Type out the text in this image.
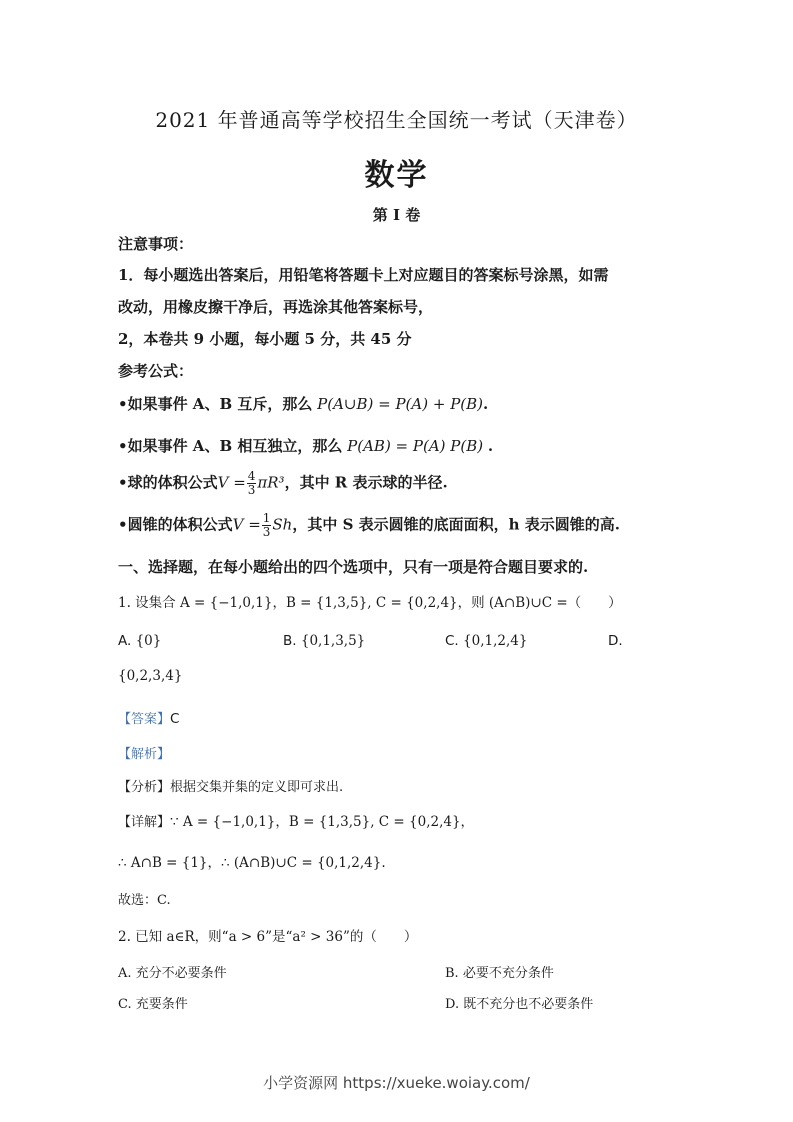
2021 年普通高等学校招生全国统一考试（天津卷）
数学
第 I 卷
注意事项：
1．每小题选出答案后，用铅笔将答题卡上对应题目的答案标号涂黑，如需
改动，用橡皮擦干净后，再选涂其他答案标号，
2，本卷共 9 小题，每小题 5 分，共 45 分
参考公式：
•如果事件 A、B 互斥，那么 P(A∪B) = P(A) + P(B).
•如果事件 A、B 相互独立，那么 P(AB) = P(A) P(B) .
•球的体积公式$V = \frac{4}{3} \pi R^3$，其中 R 表示球的半径.
•圆锥的体积公式$V = \frac{1}{3}$ Sh，其中 S 表示圆锥的底面面积，h 表示圆锥的高.
一、选择题，在每小题给出的四个选项中，只有一项是符合题目要求的.
1. 设集合 A = {−1,0,1}，B = {1,3,5}, C = {0,2,4}，则 (A∩B)∪C =（　　）
A. {0}	B. {0,1,3,5}	C. {0,1,2,4}	D.
{0,2,3,4}
【答案】C
【解析】
【分析】根据交集并集的定义即可求出.
【详解】∵ A = {−1,0,1}，B = {1,3,5}, C = {0,2,4}，
∴ A∩B = {1}，∴ (A∩B)∪C = {0,1,2,4}.
故选：C.
2. 已知 a∈R，则“a > 6”是“a² > 36”的（　　）
A. 充分不必要条件	B. 必要不充分条件
C. 充要条件	D. 既不充分也不必要条件
小学资源网 https://xueke.woiay.com/
